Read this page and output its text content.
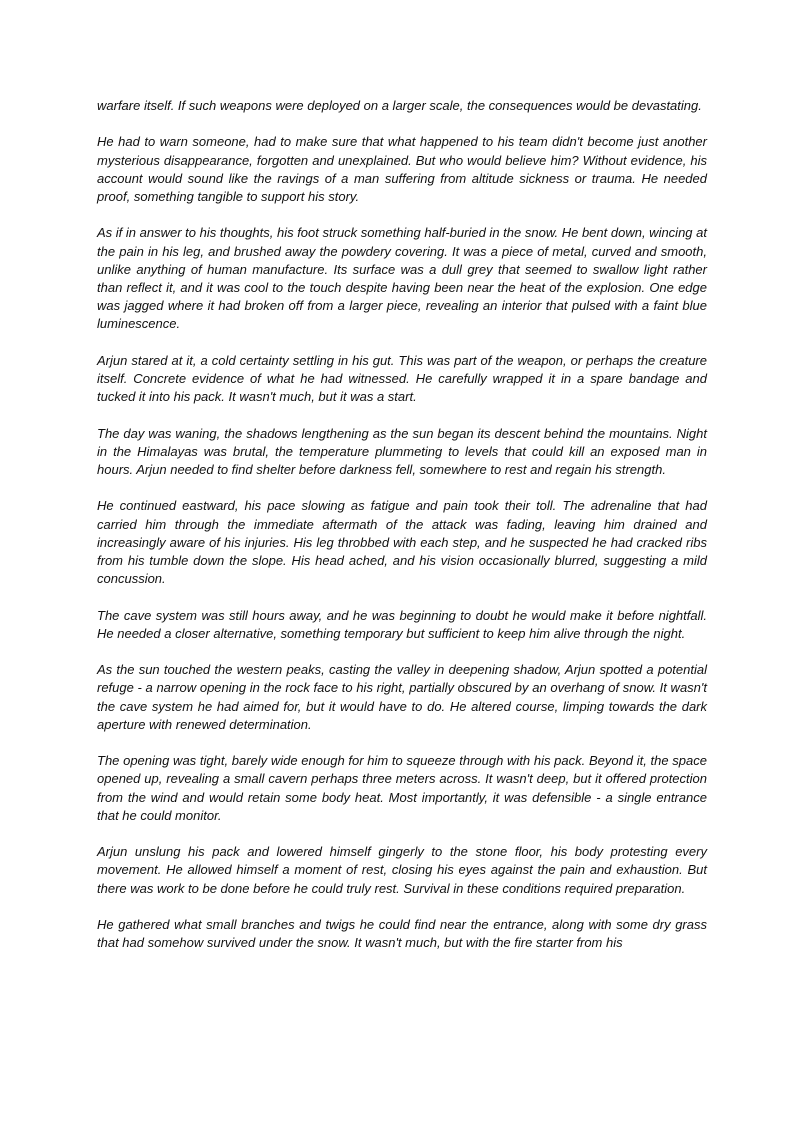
warfare itself. If such weapons were deployed on a larger scale, the consequences would be devastating.

He had to warn someone, had to make sure that what happened to his team didn't become just another mysterious disappearance, forgotten and unexplained. But who would believe him? Without evidence, his account would sound like the ravings of a man suffering from altitude sickness or trauma. He needed proof, something tangible to support his story.

As if in answer to his thoughts, his foot struck something half-buried in the snow. He bent down, wincing at the pain in his leg, and brushed away the powdery covering. It was a piece of metal, curved and smooth, unlike anything of human manufacture. Its surface was a dull grey that seemed to swallow light rather than reflect it, and it was cool to the touch despite having been near the heat of the explosion. One edge was jagged where it had broken off from a larger piece, revealing an interior that pulsed with a faint blue luminescence.

Arjun stared at it, a cold certainty settling in his gut. This was part of the weapon, or perhaps the creature itself. Concrete evidence of what he had witnessed. He carefully wrapped it in a spare bandage and tucked it into his pack. It wasn't much, but it was a start.

The day was waning, the shadows lengthening as the sun began its descent behind the mountains. Night in the Himalayas was brutal, the temperature plummeting to levels that could kill an exposed man in hours. Arjun needed to find shelter before darkness fell, somewhere to rest and regain his strength.

He continued eastward, his pace slowing as fatigue and pain took their toll. The adrenaline that had carried him through the immediate aftermath of the attack was fading, leaving him drained and increasingly aware of his injuries. His leg throbbed with each step, and he suspected he had cracked ribs from his tumble down the slope. His head ached, and his vision occasionally blurred, suggesting a mild concussion.

The cave system was still hours away, and he was beginning to doubt he would make it before nightfall. He needed a closer alternative, something temporary but sufficient to keep him alive through the night.

As the sun touched the western peaks, casting the valley in deepening shadow, Arjun spotted a potential refuge - a narrow opening in the rock face to his right, partially obscured by an overhang of snow. It wasn't the cave system he had aimed for, but it would have to do. He altered course, limping towards the dark aperture with renewed determination.

The opening was tight, barely wide enough for him to squeeze through with his pack. Beyond it, the space opened up, revealing a small cavern perhaps three meters across. It wasn't deep, but it offered protection from the wind and would retain some body heat. Most importantly, it was defensible - a single entrance that he could monitor.

Arjun unslung his pack and lowered himself gingerly to the stone floor, his body protesting every movement. He allowed himself a moment of rest, closing his eyes against the pain and exhaustion. But there was work to be done before he could truly rest. Survival in these conditions required preparation.

He gathered what small branches and twigs he could find near the entrance, along with some dry grass that had somehow survived under the snow. It wasn't much, but with the fire starter from his
